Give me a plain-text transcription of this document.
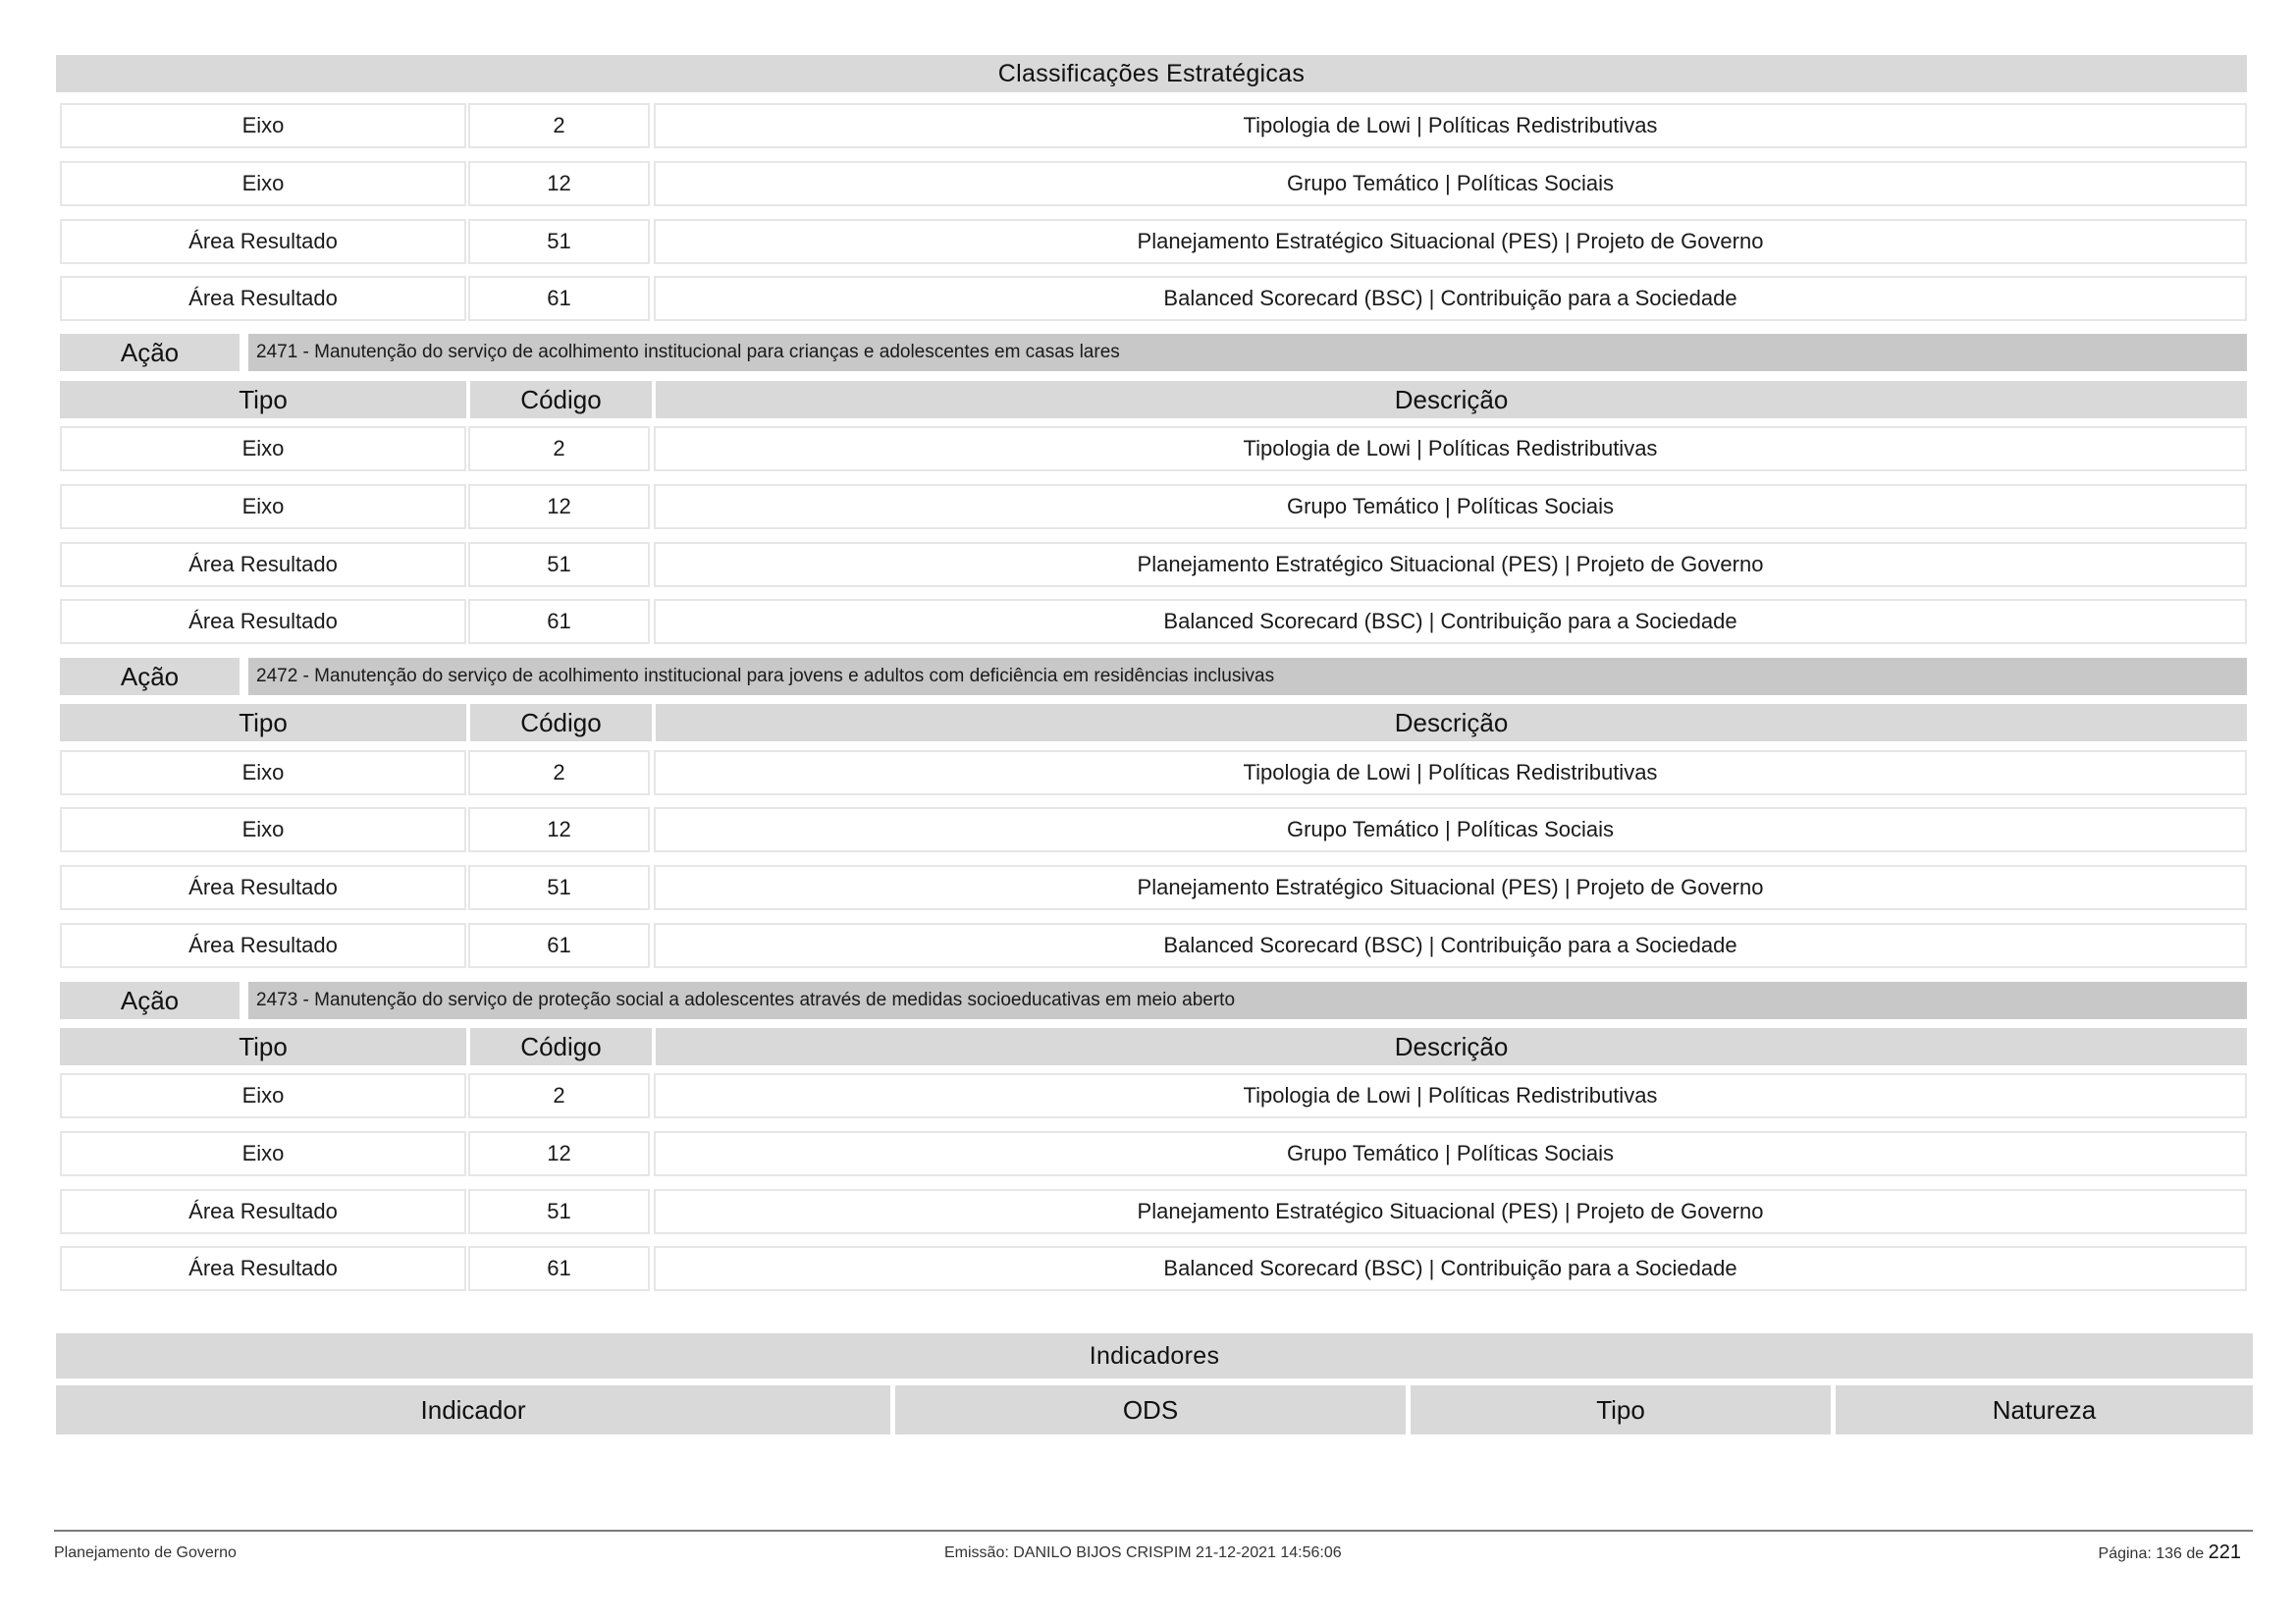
Classificações Estratégicas
Eixo	2	Tipologia de Lowi | Políticas Redistributivas
Eixo	12	Grupo Temático | Políticas Sociais
Área Resultado	51	Planejamento Estratégico Situacional (PES) | Projeto de Governo
Área Resultado	61	Balanced Scorecard (BSC) | Contribuição para a Sociedade
Ação	2471 - Manutenção do serviço de acolhimento institucional para crianças e adolescentes em casas lares
Tipo	Código	Descrição
Eixo	2	Tipologia de Lowi | Políticas Redistributivas
Eixo	12	Grupo Temático | Políticas Sociais
Área Resultado	51	Planejamento Estratégico Situacional (PES) | Projeto de Governo
Área Resultado	61	Balanced Scorecard (BSC) | Contribuição para a Sociedade
Ação	2472 - Manutenção do serviço de acolhimento institucional para jovens e adultos com deficiência em residências inclusivas
Tipo	Código	Descrição
Eixo	2	Tipologia de Lowi | Políticas Redistributivas
Eixo	12	Grupo Temático | Políticas Sociais
Área Resultado	51	Planejamento Estratégico Situacional (PES) | Projeto de Governo
Área Resultado	61	Balanced Scorecard (BSC) | Contribuição para a Sociedade
Ação	2473 - Manutenção do serviço de proteção social a adolescentes através de medidas socioeducativas em meio aberto
Tipo	Código	Descrição
Eixo	2	Tipologia de Lowi | Políticas Redistributivas
Eixo	12	Grupo Temático | Políticas Sociais
Área Resultado	51	Planejamento Estratégico Situacional (PES) | Projeto de Governo
Área Resultado	61	Balanced Scorecard (BSC) | Contribuição para a Sociedade
Indicadores
Indicador	ODS	Tipo	Natureza
Planejamento de Governo	Emissão: DANILO BIJOS CRISPIM 21-12-2021 14:56:06	Página: 136 de 221
